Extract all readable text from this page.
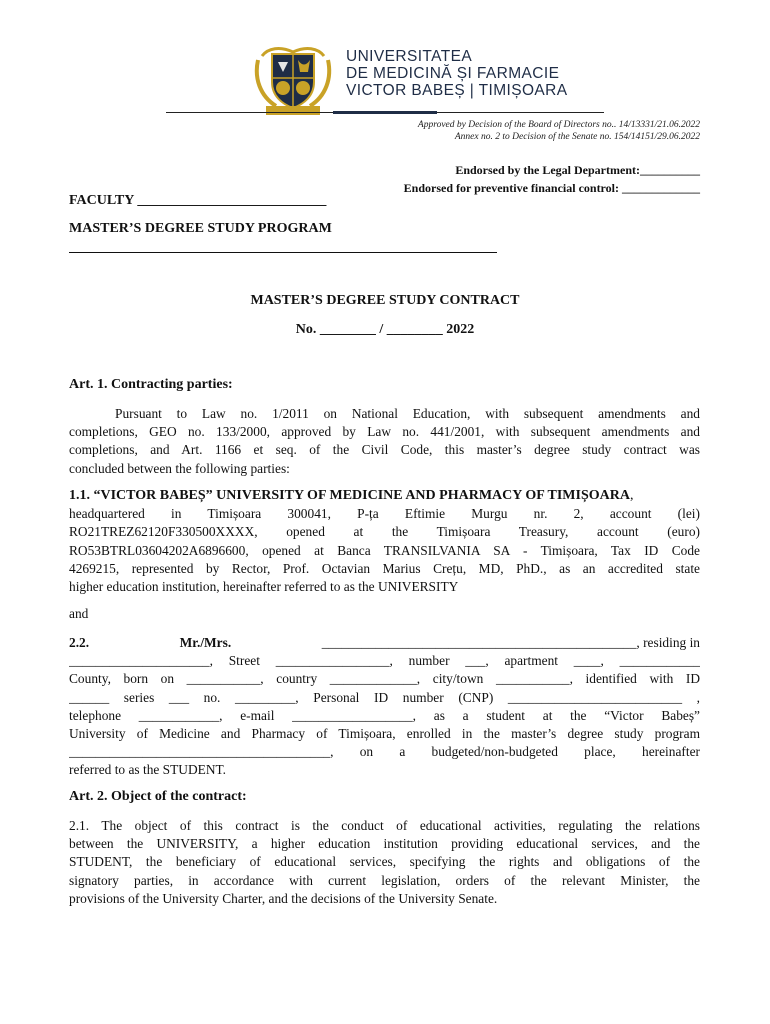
UNIVERSITATEA
DE MEDICINĂ ȘI FARMACIE
VICTOR BABEȘ | TIMIȘOARA
Approved by Decision of the Board of Directors no.. 14/13331/21.06.2022
Annex no. 2 to Decision of the Senate no. 154/14151/29.06.2022
Endorsed by the Legal Department:__________
Endorsed for preventive financial control: _____________
FACULTY ___________________________
MASTER’S DEGREE STUDY PROGRAM
MASTER’S DEGREE STUDY CONTRACT
No. ________ / ________ 2022
Art. 1. Contracting parties:
Pursuant to Law no. 1/2011 on National Education, with subsequent amendments and
completions, GEO no. 133/2000, approved by Law no. 441/2001, with subsequent amendments and
completions, and Art. 1166 et seq. of the Civil Code, this master’s degree study contract was
concluded between the following parties:
1.1. “VICTOR BABEȘ” UNIVERSITY OF MEDICINE AND PHARMACY OF TIMIȘOARA,
headquartered in Timișoara 300041, P-ța Eftimie Murgu nr. 2, account (lei)
RO21TREZ62120F330500XXXX, opened at the Timișoara Treasury, account (euro)
RO53BTRL03604202A6896600, opened at Banca TRANSILVANIA SA - Timișoara, Tax ID Code
4269215, represented by Rector, Prof. Octavian Marius Crețu, MD, PhD., as an accredited state
higher education institution, hereinafter referred to as the UNIVERSITY
and
2.2.	Mr./Mrs.	_______________________________________________, residing in
_____________________, Street _________________, number ___, apartment ____, ____________
County, born on ___________, country _____________, city/town ___________, identified with ID
______ series ___ no. _________, Personal ID number (CNP) __________________________ ,
telephone ____________, e-mail __________________, as a student at the “Victor Babeș”
University of Medicine and Pharmacy of Timișoara, enrolled in the master’s degree study program
_______________________________________, on a budgeted/non-budgeted place, hereinafter
referred to as the STUDENT.
Art. 2. Object of the contract:
2.1. The object of this contract is the conduct of educational activities, regulating the relations
between the UNIVERSITY, a higher education institution providing educational services, and the
STUDENT, the beneficiary of educational services, specifying the rights and obligations of the
signatory parties, in accordance with current legislation, orders of the relevant Minister, the
provisions of the University Charter, and the decisions of the University Senate.
